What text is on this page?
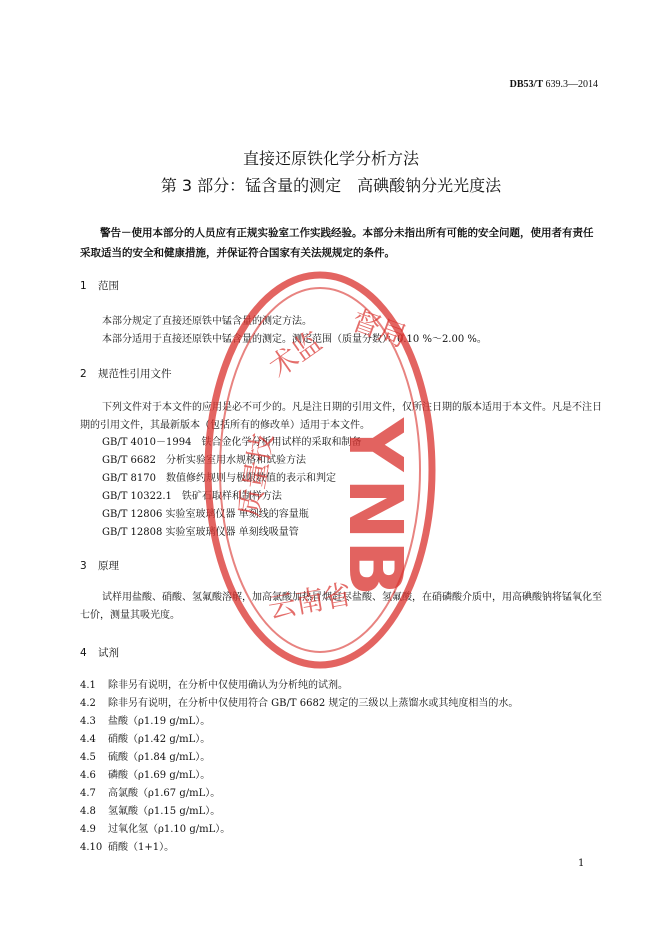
DB53/T 639.3—2014
直接还原铁化学分析方法
第 3 部分：锰含量的测定　高碘酸钠分光光度法
警告－使用本部分的人员应有正规实验室工作实践经验。本部分未指出所有可能的安全问题，使用者有责任采取适当的安全和健康措施，并保证符合国家有关法规规定的条件。
1 范围
本部分规定了直接还原铁中锰含量的测定方法。
本部分适用于直接还原铁中锰含量的测定。测定范围（质量分数）：0.10 %～2.00 %。
2 规范性引用文件
下列文件对于本文件的应用是必不可少的。凡是注日期的引用文件，仅所注日期的版本适用于本文件。凡是不注日期的引用文件，其最新版本（包括所有的修改单）适用于本文件。
GB/T 4010－1994　铁合金化学分析用试样的采取和制备
GB/T 6682　分析实验室用水规格和试验方法
GB/T 8170　数值修约规则与极限数值的表示和判定
GB/T 10322.1　铁矿石取样和制样方法
GB/T 12806 实验室玻璃仪器 单刻线的容量瓶
GB/T 12808 实验室玻璃仪器 单刻线吸量管
3 原理
试样用盐酸、硝酸、氢氟酸溶解，加高氯酸加热冒烟赶尽盐酸、氢氟酸，在硝磷酸介质中，用高碘酸钠将锰氧化至七价，测量其吸光度。
4 试剂
4.1 除非另有说明，在分析中仅使用确认为分析纯的试剂。
4.2 除非另有说明，在分析中仅使用符合 GB/T 6682 规定的三级以上蒸馏水或其纯度相当的水。
4.3 盐酸（ρ1.19 g/mL）。
4.4 硝酸（ρ1.42 g/mL）。
4.5 硫酸（ρ1.84 g/mL）。
4.6 磷酸（ρ1.69 g/mL）。
4.7 高氯酸（ρ1.67 g/mL）。
4.8 氢氟酸（ρ1.15 g/mL）。
4.9 过氧化氢（ρ1.10 g/mL）。
4.10 硝酸（1+1）。
1
Y
N
B
云南省
质量技
术监 督局
